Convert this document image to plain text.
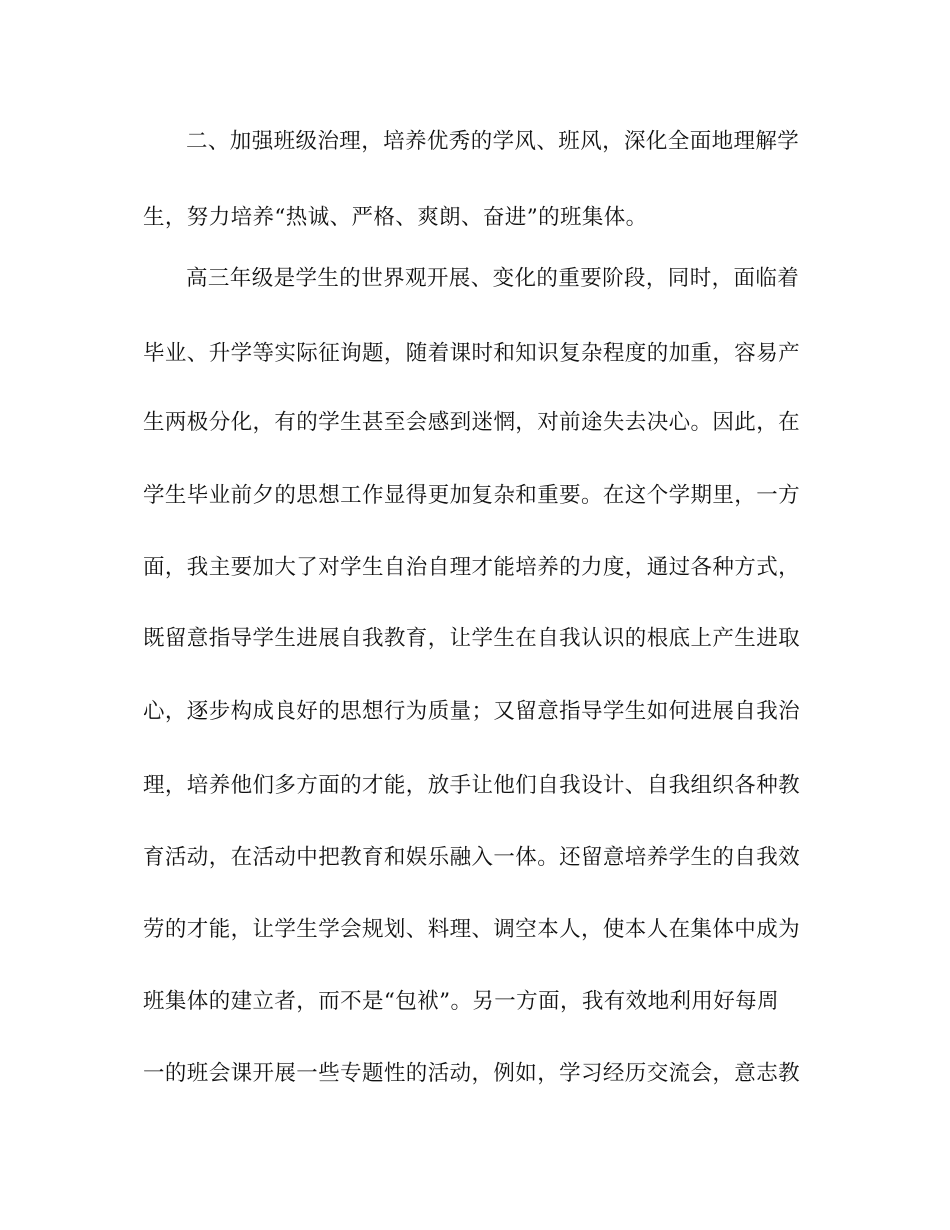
二、加强班级治理，培养优秀的学风、班风，深化全面地理解学
生，努力培养“热诚、严格、爽朗、奋进”的班集体。
高三年级是学生的世界观开展、变化的重要阶段，同时，面临着
毕业、升学等实际征询题，随着课时和知识复杂程度的加重，容易产
生两极分化，有的学生甚至会感到迷惘，对前途失去决心。因此，在
学生毕业前夕的思想工作显得更加复杂和重要。在这个学期里，一方
面，我主要加大了对学生自治自理才能培养的力度，通过各种方式，
既留意指导学生进展自我教育，让学生在自我认识的根底上产生进取
心，逐步构成良好的思想行为质量；又留意指导学生如何进展自我治
理，培养他们多方面的才能，放手让他们自我设计、自我组织各种教
育活动，在活动中把教育和娱乐融入一体。还留意培养学生的自我效
劳的才能，让学生学会规划、料理、调空本人，使本人在集体中成为
班集体的建立者，而不是“包袱”。另一方面，我有效地利用好每周
一的班会课开展一些专题性的活动，例如，学习经历交流会，意志教
